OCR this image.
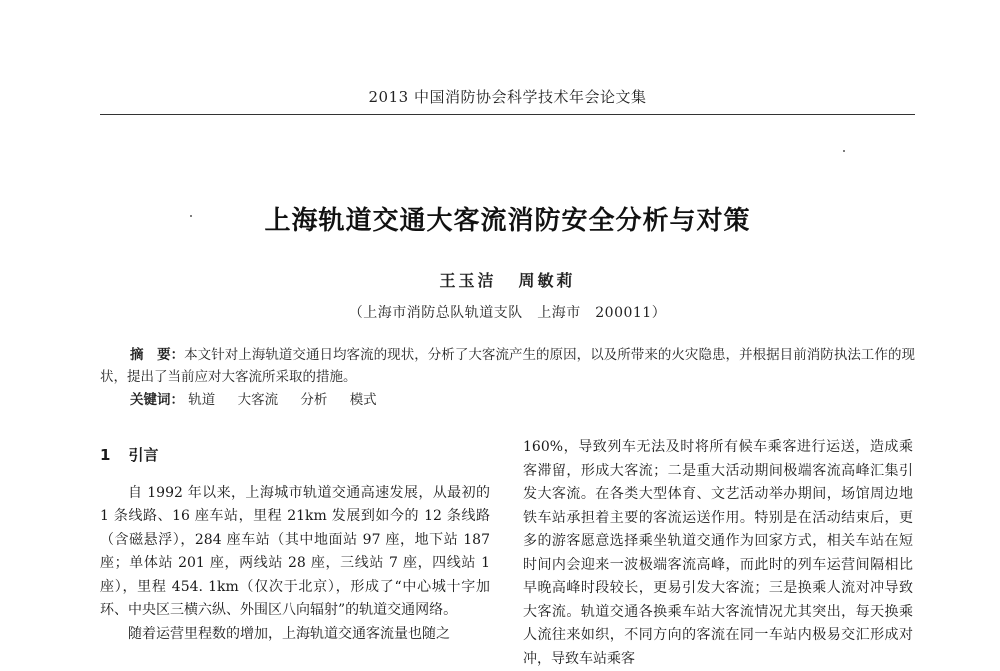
2013 中国消防协会科学技术年会论文集
上海轨道交通大客流消防安全分析与对策
王玉洁 周敏莉
（上海市消防总队轨道支队　上海市　200011）
摘　要：本文针对上海轨道交通日均客流的现状，分析了大客流产生的原因，以及所带来的火灾隐患，并根据目前消防执法工作的现状，提出了当前应对大客流所采取的措施。
关键词： 轨道 大客流 分析 模式
1 引言

自 1992 年以来，上海城市轨道交通高速发展，从最初的 1 条线路、16 座车站，里程 21km 发展到如今的 12 条线路（含磁悬浮），284 座车站（其中地面站 97 座，地下站 187 座；单体站 201 座，两线站 28 座，三线站 7 座，四线站 1 座），里程 454. 1km（仅次于北京），形成了“中心城十字加环、中央区三横六纵、外围区八向辐射”的轨道交通网络。

随着运营里程数的增加，上海轨道交通客流量也随之

160%，导致列车无法及时将所有候车乘客进行运送，造成乘客滞留，形成大客流；二是重大活动期间极端客流高峰汇集引发大客流。在各类大型体育、文艺活动举办期间，场馆周边地铁车站承担着主要的客流运送作用。特别是在活动结束后，更多的游客愿意选择乘坐轨道交通作为回家方式，相关车站在短时间内会迎来一波极端客流高峰，而此时的列车运营间隔相比早晚高峰时段较长，更易引发大客流；三是换乘人流对冲导致大客流。轨道交通各换乘车站大客流情况尤其突出，每天换乘人流往来如织，不同方向的客流在同一车站内极易交汇形成对冲，导致车站乘客
